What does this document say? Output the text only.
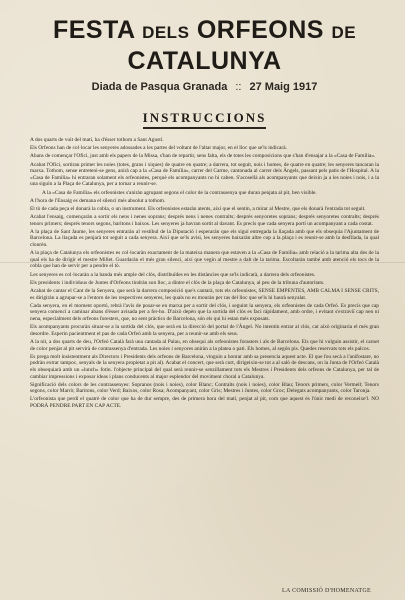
FESTA DELS ORFEONS DE CATALUNYA
Diada de Pasqua Granada :: 27 Maig 1917
INSTRUCCIONS

A dos quarts de vuit del matí, ha d'ésser tothom a Sant Agustí.

Els Orfeons han de col·locar les senyeres adossades a les partes del voltant de l'altar major, en el lloc que se'ls indicarà.

Abans de començar l'Ofici, just amb els papers de la Missa, s'han de repartir, sens falta, els de totes les composicions que s'han d'ensajar a la «Casa de Família».

Acabat l'Ofici, sortiran primer les noies (totes, grans i xiques) de quatre en quatre; a darrera, tot seguit, nois i homes, de quatre en quatre; les senyeres tancaran la marxa. Tothom, sense entreteni-se gens, anirà cap a la «Casa de Família», carrer del Carme, cantonada al carrer dels Àngels, passant pels patis de l'Hospital. A la «Casa de Família» hi entraran solament els orfeonistes, perquè els acompanyants no hi caben. S'acosellà als acompanyants que deixin ja a les noies i nois, i a la una siguin a la Plaça de Catalunya, per a tornar a reunir-se.

A la «Casa de Família» els orfeonistes s'aniràn agrupant segons el color de la contrassenya que duran penjata al pit, ben visible.

A l'hora de l'Ensaig es demana el silenci més absolut a tothom.

El tò de cada peça el donarà la cobla, o un instrument. Els orfeonistes estaràn atents, així que el sentin, a mirar al Mestre, que els donarà l'entrada tot seguit.

Acabat l'ensaig, començaràn a sortir els nens i nenes soprans; després nens i nenes contralts; després senyoretes soprans; després senyoretes contralts; després tenors primers; després tenors segons, baritons i baixos. Les senyeres ja havran sortit al davant. Es precís que cada senyera portí un acompanyant a cada costat.

A la plaça de Sant Jaume, les senyeres entraràn al vestíbul de la Diputació i esperaràn que els siguí entregada la llaçada amb que els obsequia l'Ajuntament de Barcelona. La llaçada es penjarà tot seguit a cada senyera. Així que se'ls avisi, les senyeres baixaràn altre cop a la plaça i es reunir-se amb la desfilada, la qual clourèn.

A la plaça de Catalunya els orfeonistes es col·locaràn exactament de la mateixa manera que estaven a la «Casa de Família» amb relació a la tarima alta des de la qual els ha de dirigir el mestre Millet. Guardaràn el més gran silenci, així que vegin al mestre a dalt de la tarima. Escoltaràn també amb atenció els tocs de la cobla que han de servir per a pendre el tò.

Les senyeres es col·locaràn a la banda més ample del clós, distribuïdes en les distàncies que se'ls indicarà, a darrera dels orfeonistes.

Els presidents i individuus de Juntes d'Orfeons tindràn son lloc, a dintre el clós de la plaça de Catalunya, al peu de la tribuna d'autoritats.

Acabat de cantar el Cant de la Senyera, que serà la darrera composició que's cantarà, tots els orfeonistes, SENSE EMPENTES, AMB CALMA I SENSE CRITS, es dirigiràn a agrupar-se a l'entorn de les respectives senyeres, les quals no es mouràn per ras del lloc que se'ls hi haurà senyalat.

Cada senyera, en el moment oportú, rebrà l'avís de posar-se en marxa per a sortir del clós, i seguint la senyera, els orfeonistes de cada Orfeó. Es precís que cap senyera comencí a caminar abans d'ésser avisada per a fer-ho. D'això depèn que la sortida del clós es faci ràpidament, amb ordre, i evitant s'extraviï cap nen ni nena, especialment dels orfeons foresters, que, no sent pràctics de Barcelona, són els qui hi estan més exposats.

Els acompanyants procuràn situar-se a la sortida del clós, que serà en la direcció del portal de l'Àngel. No intentin entrar al clós, car això originaria el més gran desordre. Esperin pacientment el pas de cada Orfeó amb la senyera, per a reunir-se amb els seus.

A la nit, a dos quarts de deu, l'Orfeó Català farà una cantada al Palau, en obsequi als orfeonistes forasters i als de Barcelona. Els que hi vulguin assistir, el carnet de color penjat al pit servirà de contrassenya d'entrada. Les noies i senyores aniràn a la platea o pati. Els homes, al segón pis. Quedes reservats tots els palcos.

Es prega molt insistentment als Directors i Presidents dels orfeons de Barcelona, vinguin a honrar amb sa presencia aquest acte. El que fou secà a l'anifostare, no podràn extrar tampoc, senyals de la senyera propietat a pit al). Acabat el concert, que serà curt, dirigeixin-se tot a al salò de descans, on la Junta de l'Orfeó Català els obsequiarà amb un «lunch» fotin. l'objecte principal del qual serà reunir-se senzillament tots els Mestres i Presidents dels orfeons de Catalunya, per tal de cambiar impressions i exposar ideas i plans conducents al major esplendor del moviment choral a Catalunya.

Significació dels colors de les contrassenyes: Sopranos (nois i noies), color Blanc; Contralts (nois i noies), color Blau; Tenors primers, color Vermell; Tenors segons, color Marrò; Baritons, color Verd; Baixos, color Rosa; Acompanyant, color Gris; Mestres i Juntes, color Groc; Delegats acompanyants, color Taronja.

L'orfeonista que perdí el quatrè de color que ha de dur sempre, des de primera hora del matí, penjat al pit, com que aquest és l'únic medi de reconeixe'l. NO PODRÀ PENDRE PART EN CAP ACTE.

LA COMISSIÓ D'HOMENATGE
